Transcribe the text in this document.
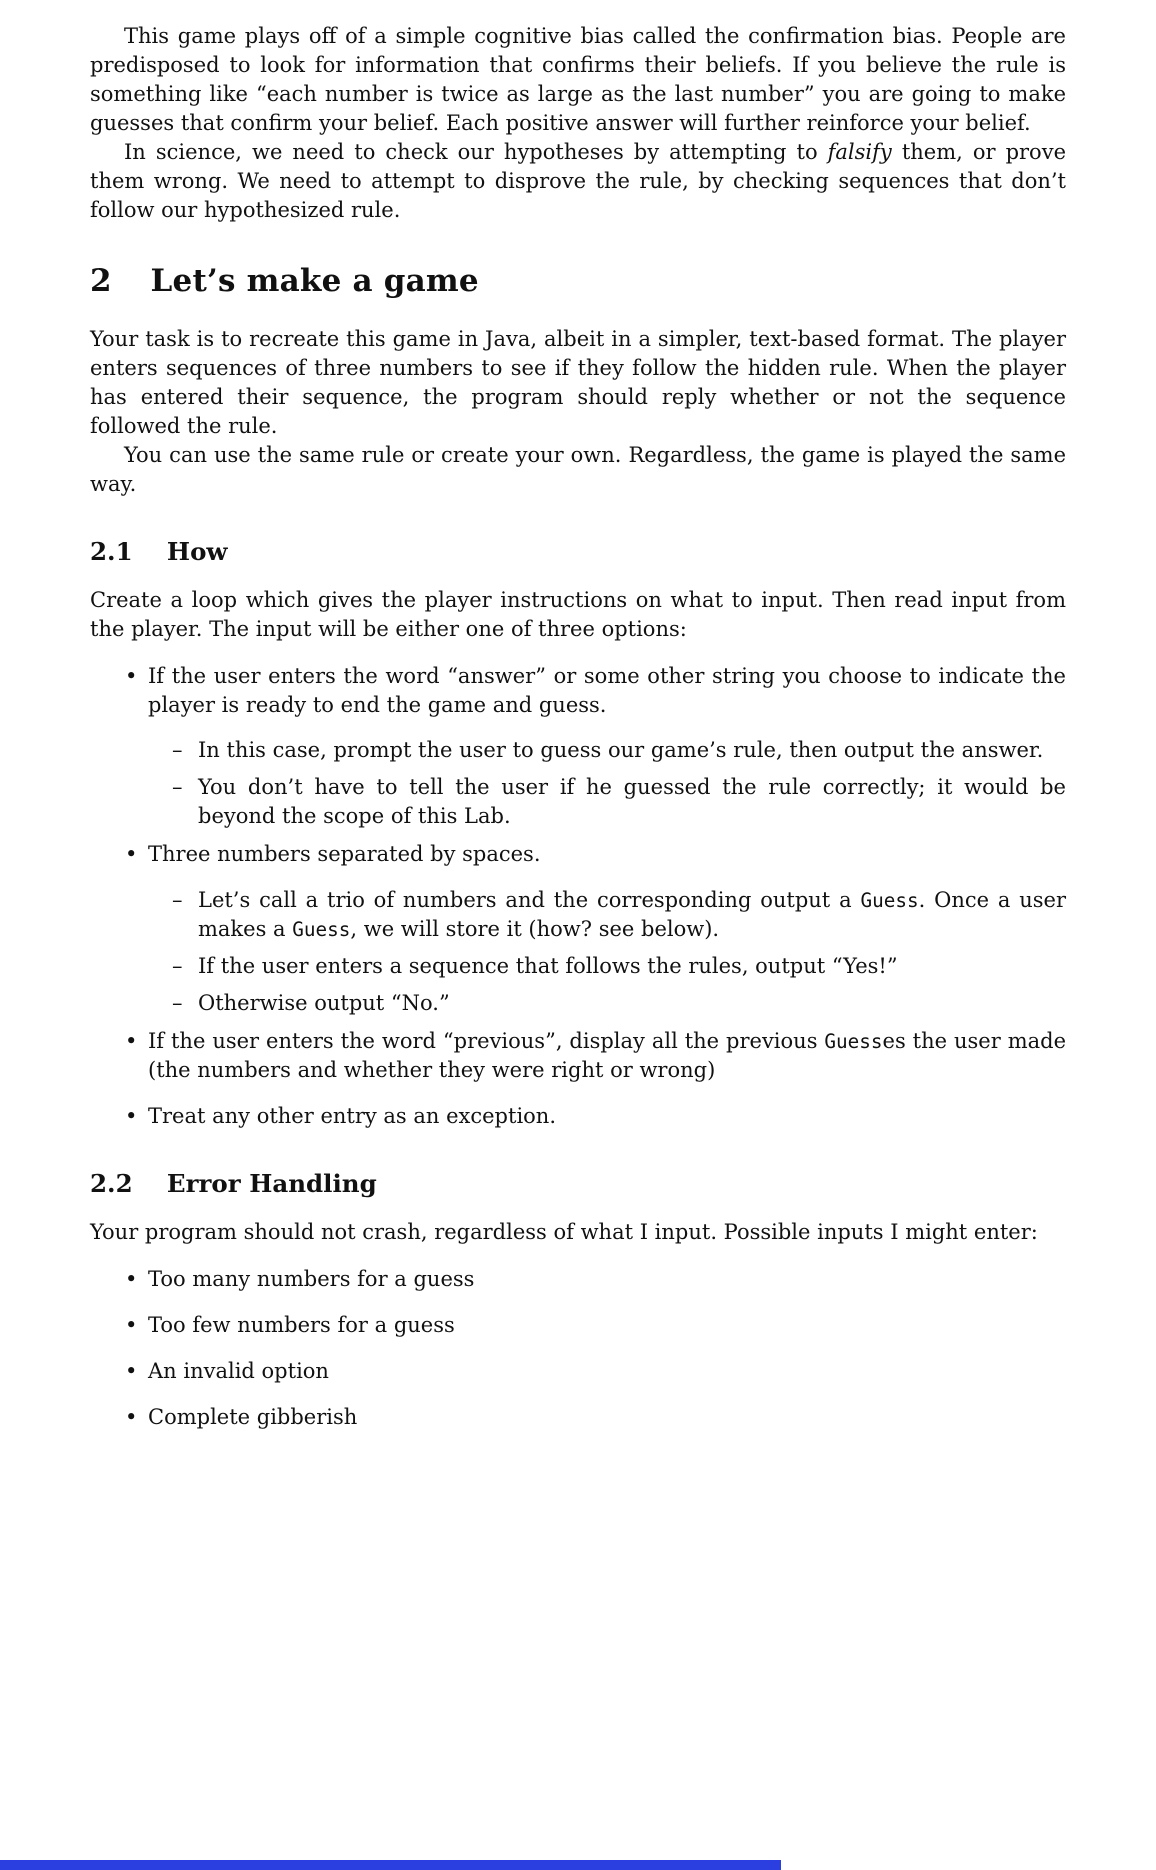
This game plays off of a simple cognitive bias called the confirmation bias. People are predisposed to look for information that confirms their beliefs. If you believe the rule is something like “each number is twice as large as the last number” you are going to make guesses that confirm your belief. Each positive answer will further reinforce your belief.

In science, we need to check our hypotheses by attempting to falsify them, or prove them wrong. We need to attempt to disprove the rule, by checking sequences that don’t follow our hypothesized rule.

2 Let’s make a game

Your task is to recreate this game in Java, albeit in a simpler, text-based format. The player enters sequences of three numbers to see if they follow the hidden rule. When the player has entered their sequence, the program should reply whether or not the sequence followed the rule.

You can use the same rule or create your own. Regardless, the game is played the same way.

2.1 How

Create a loop which gives the player instructions on what to input. Then read input from the player. The input will be either one of three options:

• If the user enters the word “answer” or some other string you choose to indicate the player is ready to end the game and guess.
– In this case, prompt the user to guess our game’s rule, then output the answer.
– You don’t have to tell the user if he guessed the rule correctly; it would be beyond the scope of this Lab.
• Three numbers separated by spaces.
– Let’s call a trio of numbers and the corresponding output a Guess. Once a user makes a Guess, we will store it (how? see below).
– If the user enters a sequence that follows the rules, output “Yes!”
– Otherwise output “No.”
• If the user enters the word “previous”, display all the previous Guesses the user made (the numbers and whether they were right or wrong)
• Treat any other entry as an exception.
2.2 Error Handling

Your program should not crash, regardless of what I input. Possible inputs I might enter:

• Too many numbers for a guess
• Too few numbers for a guess
• An invalid option
• Complete gibberish
